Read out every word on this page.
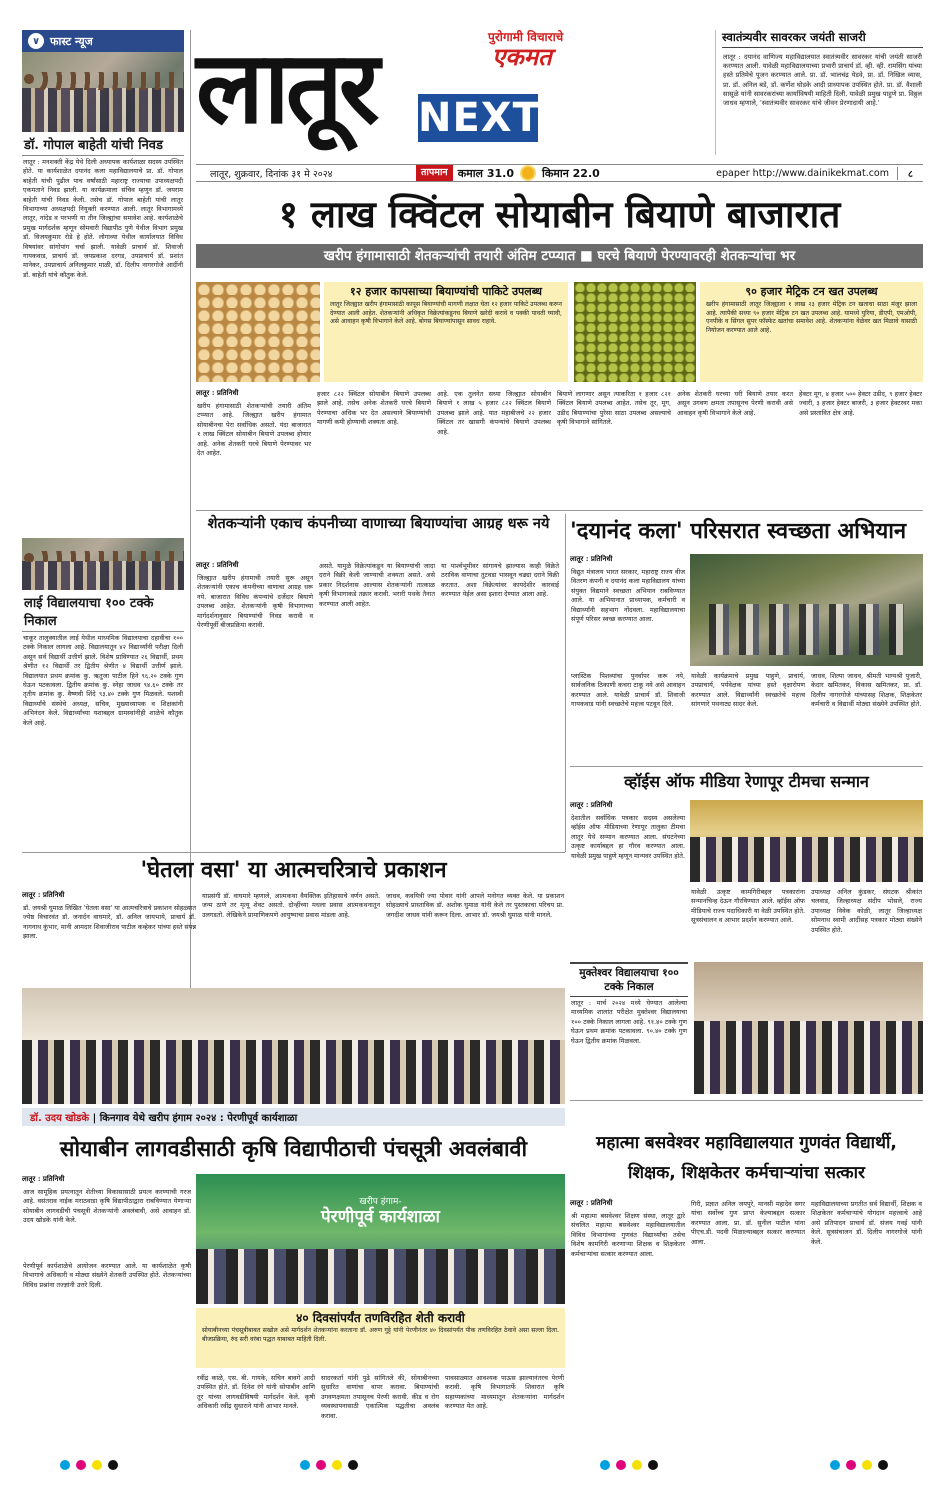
∨ फास्ट न्यूज
डॉ. गोपाल बाहेती यांची निवड
लातूर : मनशक्ती केंद्र येथे दिली अध्यापक कार्यशाळा सदस्य उपस्थित होते. या कार्यशाळेत दयानंद कला महाविद्यालयाचे प्रा. डॉ. गोपाल बाहेती यांची पुढील पाच वर्षांसाठी महाराष्ट्र राज्याचा उपाध्यक्षपदी एकमताने निवड झाली. या कार्यक्रमाला संचिव म्हणून डॉ. जयराम बाहेती यांची निवड केली. तसेच डॉ. गोपाल बाहेती यांची लातूर विभागाच्या अध्यक्षपदी नियुक्ती करण्यात आली. लातूर विभागामध्ये लातूर, नांदेड व परभणी या तीन जिल्ह्यांचा समावेश आहे. कार्यशाळेचे प्रमुख मार्गदर्शक म्हणून सोमवारी विद्यापीठ पुणे येथील विभाग प्रमुख डॉ. विजयकुमार रोडे हे होते. लोगाव्या येथील कार्यालयात विविध विषयांवर सांगोपांग चर्चा झाली. यावेळी प्राचार्य डॉ. शिवाजी गायकवाड, प्राचार्य डॉ. जयप्रकाश दरगड, उपप्राचार्य डॉ. प्रशांत मानेकर, उपप्राचार्य अनिलकुमार माळी, डॉ. दिलीप नागरगोजे आदींनी डॉ. बाहेती यांचे कौतुक केले.
लाई विद्यालयाचा १०० टक्के निकाल
चाकूर तालुक्यातील लाई येथील माध्यमिक विद्यालयाचा दहावीचा १०० टक्के निकाल लागला आहे. विद्यालयातून ४२ विद्यार्थ्यांनी परीक्षा दिली असून सर्व विद्यार्थी उत्तीर्ण झाले. विशेष प्राविण्यात २६ विद्यार्थी, प्रथम श्रेणीत १२ विद्यार्थी तर द्वितीय श्रेणीत ४ विद्यार्थी उत्तीर्ण झाले. विद्यालयात प्रथम क्रमांक कु. ऋतुजा पाटील हिने ९६.२० टक्के गुण घेऊन पटकावला. द्वितीय क्रमांक कु. स्नेहा जाधव ९४.६० टक्के तर तृतीय क्रमांक कु. वैष्णवी शिंदे ९३.४० टक्के गुण मिळवले. यशस्वी विद्यार्थ्यांचे संस्थेचे अध्यक्ष, सचिव, मुख्याध्यापक व शिक्षकांनी अभिनंदन केले. विद्यार्थ्यांच्या यशाबद्दल ग्रामस्थांनीही शाळेचे कौतुक केले आहे.
लातूर	पुरोगामी विचाराचे
एकमत
NEXT
स्वातंत्र्यवीर सावरकर जयंती साजरी
लातूर : दयानंद वाणिज्य महाविद्यालयात स्वातंत्र्यवीर सावरकर यांची जयंती साजरी करण्यात आली. यावेळी महाविद्यालयाच्या प्रभारी प्राचार्य डॉ. व्ही. व्ही. रामसिंग यांच्या हस्ते प्रतिमेचे पूजन करण्यात आले. प्रा. डॉ. भालचंद्र येडवे, प्रा. डॉ. निखिल व्यास, प्रा. डॉ. अनिल बडे, डॉ. कर्णेश घोडके आदी प्राध्यापक उपस्थित होते. प्रा. डॉ. वैशाली सासूळे यांनी सावरकरांच्या कार्याविषयी माहिती दिली. यावेळी प्रमुख पाहुणे प्रा. विठ्ठल जाधव म्हणाले, 'स्वातंत्र्यवीर सावरकर यांचे जीवन प्रेरणादायी आहे.'
लातूर, शुक्रवार, दिनांक ३१ मे २०२४	तापमान कमाल 31.0	किमान 22.0	epaper http://www.dainikekmat.com	८
१ लाख क्विंटल सोयाबीन बियाणे बाजारात
खरीप हंगामासाठी शेतकऱ्यांची तयारी अंतिम टप्प्यात ■ घरचे बियाणे पेरण्यावरही शेतकऱ्यांचा भर
१२ हजार कापसाच्या बियाण्यांची पाकिटे उपलब्ध
लातूर जिल्ह्यात खरीप हंगामासाठी कापूस बियाण्यांची मागणी लक्षात घेता १२ हजार पाकिटे उपलब्ध करून देण्यात आली आहेत. शेतकऱ्यांनी अधिकृत विक्रेत्यांकडूनच बियाणे खरेदी करावे व पक्की पावती घ्यावी, असे आवाहन कृषी विभागाने केले आहे. बोगस बियाण्यांपासून सावध राहावे.
९० हजार मेट्रिक टन खत उपलब्ध
खरीप हंगामासाठी लातूर जिल्ह्याला १ लाख २३ हजार मेट्रिक टन खताचा साठा मंजूर झाला आहे. त्यापैकी सध्या ९० हजार मेट्रिक टन खत उपलब्ध आहे. यामध्ये युरिया, डीएपी, एमओपी, एनपीके व सिंगल सुपर फॉस्फेट खतांचा समावेश आहे. शेतकऱ्यांना वेळेवर खत मिळावे यासाठी नियोजन करण्यात आले आहे.
लातूर : प्रतिनिधी
खरीप हंगामासाठी शेतकऱ्यांची तयारी अंतिम टप्प्यात आहे. जिल्ह्यात खरीप हंगामात सोयाबीनचा पेरा सर्वाधिक असतो. यंदा बाजारात १ लाख क्विंटल सोयाबीन बियाणे उपलब्ध होणार आहे. अनेक शेतकरी घरचे बियाणे पेरण्यावर भर देत आहेत.
हजार ८२२ क्विंटल सोयाबीन बियाणे उपलब्ध झाले आहे. तसेच अनेक शेतकरी घरचे बियाणे पेरण्याचा अधिक भर देत असल्याने बियाण्यांची मागणी कमी होण्याची शक्यता आहे.
आहे. एक तुलनेत सध्या जिल्ह्यात सोयाबीन बियाणे १ लाख ५ हजार ८२२ क्विंटल बियाणे उपलब्ध झाले आहे. यात महाबीजचे २२ हजार क्विंटल तर खासगी कंपन्यांचे बियाणे उपलब्ध आहे.
बियाणे लागणार असून त्याकरिता १ हजार ८२१ क्विंटल बियाणे उपलब्ध आहेत. तसेच तूर, मूग, उडीद बियाण्यांचा पुरेसा साठा उपलब्ध असल्याचे कृषी विभागाने सांगितले.
अनेक शेतकरी घरच्या घरी बियाणे तयार करत असून उगवण क्षमता तपासूनच पेरणी करावी असे आवाहन कृषी विभागाने केले आहे.
हेक्टर मूग, ४ हजार ५०० हेक्टर उडीद, ९ हजार हेक्टर ज्वारी, ३ हजार हेक्टर बाजरी, ३ हजार हेक्टरवर मका असे प्रस्तावित क्षेत्र आहे.
शेतकऱ्यांनी एकाच कंपनीच्या वाणाच्या बियाण्यांचा आग्रह धरू नये
लातूर : प्रतिनिधी
जिल्ह्यात खरीप हंगामाची तयारी सुरू असून शेतकऱ्यांनी एकाच कंपनीच्या वाणाचा आग्रह धरू नये. बाजारात विविध कंपन्यांचे दर्जेदार बियाणे उपलब्ध आहेत. शेतकऱ्यांनी कृषी विभागाच्या मार्गदर्शनानुसार बियाण्यांची निवड करावी व पेरणीपूर्वी बीजप्रक्रिया करावी.
असते. यामुळे विक्रेत्यांकडून या बियाण्यांची जादा दराने विक्री केली जाण्याची शक्यता असते. असे प्रकार निदर्शनास आल्यास शेतकऱ्यांनी तात्काळ कृषी विभागाकडे तक्रार करावी. भरारी पथके तैनात करण्यात आली आहेत.
या पार्श्वभूमीवर सांगायचे झाल्यास काही विक्रेते ठराविक वाणाचा तुटवडा भासवून चढ्या दराने विक्री करतात. अशा विक्रेत्यांवर कायदेशीर कारवाई करण्यात येईल असा इशारा देण्यात आला आहे.
'दयानंद कला' परिसरात स्वच्छता अभियान
लातूर : प्रतिनिधी
विद्युत मंत्रालय भारत सरकार, महाराष्ट्र राज्य वीज वितरण कंपनी व दयानंद कला महाविद्यालय यांच्या संयुक्त विद्यमाने स्वच्छता अभियान राबविण्यात आले. या अभियानात प्राध्यापक, कर्मचारी व विद्यार्थ्यांनी सहभाग नोंदवला. महाविद्यालयाचा संपूर्ण परिसर स्वच्छ करण्यात आला.
प्लास्टिक पिशव्यांचा पुनर्वापर करू नये, सार्वजनिक ठिकाणी कचरा टाकू नये असे आवाहन करण्यात आले. यावेळी प्राचार्य डॉ. शिवाजी गायकवाड यांनी स्वच्छतेचे महत्त्व पटवून दिले.
यावेळी कार्यक्रमाचे प्रमुख पाहुणे, प्राचार्य, उपप्राचार्य, पर्यवेक्षक यांच्या हस्ते वृक्षारोपण करण्यात आले. विद्यार्थ्यांनी स्वच्छतेचे महत्त्व सांगणारे पथनाट्य सादर केले.
जाधव, शिल्पा जाधव, श्रीमती भाग्यश्री पुजारी, केदार खमितकर, विकास खमितकर, प्रा. डॉ. दिलीप नागरगोजे यांच्यासह शिक्षक, शिक्षकेतर कर्मचारी व विद्यार्थी मोठ्या संख्येने उपस्थित होते.
व्हॉईस ऑफ मीडिया रेणापूर टीमचा सन्मान
लातूर : प्रतिनिधी
देशातील सर्वाधिक पत्रकार सदस्य असलेल्या व्हॉईस ऑफ मीडियाच्या रेणापूर तालुका टीमचा लातूर येथे सन्मान करण्यात आला. संघटनेच्या उत्कृष्ट कार्याबद्दल हा गौरव करण्यात आला. यावेळी प्रमुख पाहुणे म्हणून मान्यवर उपस्थित होते.
यावेळी उत्कृष्ट कामगिरीबद्दल पत्रकारांना सन्मानचिन्ह देऊन गौरविण्यात आले. व्हॉईस ऑफ मीडियाचे राज्य पदाधिकारी या वेळी उपस्थित होते. सूत्रसंचालन व आभार प्रदर्शन करण्यात आले.
उपाध्यक्ष अनिल कुंडकर, संघटक श्रीकांत चलवाड, जिल्हाध्यक्ष संदीप भोसले, राज्य उपाध्यक्ष विवेक कोळी, लातूर जिल्हाध्यक्ष सोमनाथ स्वामी आदींसह पत्रकार मोठ्या संख्येने उपस्थित होते.
'घेतला वसा' या आत्मचरित्राचे प्रकाशन
लातूर : प्रतिनिधी
डॉ. जयश्री घुमाळ लिखित 'घेतला वसा' या आत्मचरित्राचे प्रकाशन सोहळ्यात ज्येष्ठ विचारवंत डॉ. जनार्दन वाघमारे, डॉ. अनिल जायभाये, प्राचार्य डॉ. नागनाथ कुंभार, मानी आमदार शिवाजीराव पाटील कव्हेकर यांच्या हस्ते संपन्न झाला.
याप्रसंगी डॉ. वाघमारे म्हणाले, आत्मकथा वैयक्तिक इतिहासाचे वर्णन असते. जन्म ठाणे तर मृत्यू शेवट असतो. दोन्हींच्या मधला प्रवास आत्मकथनातून उलगडतो. लेखिकेने प्रामाणिकपणे आयुष्याचा प्रवास मांडला आहे.
जाधव, कवयित्री ज्या पोवार यांनी आपले मनोगत व्यक्त केले. या प्रकाशन सोहळ्याचे प्रास्ताविक डॉ. अशोक घुमाळ यांनी केले तर पुस्तकाचा परिचय प्रा. जगदीश जाधव यांनी करून दिला. आभार डॉ. जयश्री घुमाळ यांनी मानले.
मुक्तेश्वर विद्यालयाचा १०० टक्के निकाल
लातूर : मार्च २०२४ मध्ये घेण्यात आलेल्या माध्यमिक शालांत परीक्षेत मुक्तेश्वर विद्यालयाचा १०० टक्के निकाल लागला आहे. ९१.४० टक्के गुण घेऊन प्रथम क्रमांक पटकावला. ९०.४० टक्के गुण घेऊन द्वितीय क्रमांक मिळवला.
डॉ. उदय खोडके
| किनगाव येथे खरीप हंगाम २०२४ : पेरणीपूर्व कार्यशाळा
सोयाबीन लागवडीसाठी कृषि विद्यापीठाची पंचसूत्री अवलंबावी
लातूर : प्रतिनिधी
आज सामूहिक प्रयत्नातून शेतीच्या विकासासाठी प्रयत्न करण्याची गरज आहे. वसंतराव नाईक मराठवाडा कृषि विद्यापीठाद्वारा राबविण्यात येणाऱ्या सोयाबीन लागवडीची पंचसूत्री शेतकऱ्यांनी अवलंबावी, असे आवाहन डॉ. उदय खोडके यांनी केले.
खरीप हंगाम-
पेरणीपूर्व कार्यशाळा
पेरणीपूर्व कार्यशाळेचे आयोजन करण्यात आले. या कार्यशाळेत कृषी विभागाचे अधिकारी व मोठ्या संख्येने शेतकरी उपस्थित होते. शेतकऱ्यांच्या विविध प्रश्नांना तज्ज्ञांनी उत्तरे दिली.
४० दिवसांपर्यंत तणविरहित शेती करावी
सोयाबीनच्या पंचसूत्रीबाबत सखोल असे मार्गदर्शन शेतकऱ्यांना करताना डॉ. अरुण गुट्टे यांनी पेरणीनंतर ४० दिवसांपर्यंत पीक तणविरहित ठेवावे असा सल्ला दिला. बीजप्रक्रिया, रुंद सरी वरंबा पद्धत याबाबत माहिती दिली.
रवींद्र काळे, एस. बी. गायके, सचिन बावगे आदी उपस्थित होते. डॉ. दिनेश रंगे यांनी सोयाबीन आणि तूर यांच्या लागवडीविषयी मार्गदर्शन केले. कृषी अधिकारी रवींद्र सुधाराने यांनी आभार मानले.
सादरकर्ता यांनी पुढे सांगितले की, सोयाबीनच्या सुधारित वाणांचा वापर करावा. बियाण्यांची उगवणक्षमता तपासूनच पेरणी करावी. कीड व रोग व्यवस्थापनासाठी एकात्मिक पद्धतीचा अवलंब करावा.
पावसाळ्यात आवश्यक पाऊस झाल्यानंतरच पेरणी करावी. कृषि विभागातर्फे शिवारात कृषि सहाय्यकांच्या माध्यमातून शेतकऱ्यांना मार्गदर्शन करण्यात येत आहे.
महात्मा बसवेश्वर महाविद्यालयात गुणवंत विद्यार्थी, शिक्षक, शिक्षकेतर कर्मचाऱ्यांचा सत्कार
लातूर : प्रतिनिधी
श्री महात्मा बसवेश्वर शिक्षण संस्था, लातूर द्वारे संचलित महात्मा बसवेश्वर महाविद्यालयातील विविध विभागांच्या गुणवंत विद्यार्थ्यांचा तसेच विशेष कामगिरी करणाऱ्या शिक्षक व शिक्षकेतर कर्मचाऱ्यांचा सत्कार करण्यात आला.
गिरी, प्रज्ञात अनिल जयपुरे, मानसी महादेव सगर यांचा सर्वोच्च गुण प्राप्त केल्याबद्दल सत्कार करण्यात आला. प्रा. डॉ. सुनील पाटील यांना पीएच.डी. पदवी मिळाल्याबद्दल सत्कार करण्यात आला.
महाविद्यालयाच्या प्रगतीत सर्व विद्यार्थी, शिक्षक व शिक्षकेतर कर्मचाऱ्यांचे योगदान महत्त्वाचे आहे असे प्रतिपादन प्राचार्य डॉ. संजय गवई यांनी केले. सूत्रसंचालन डॉ. दिलीप नागरगोजे यांनी केले.
